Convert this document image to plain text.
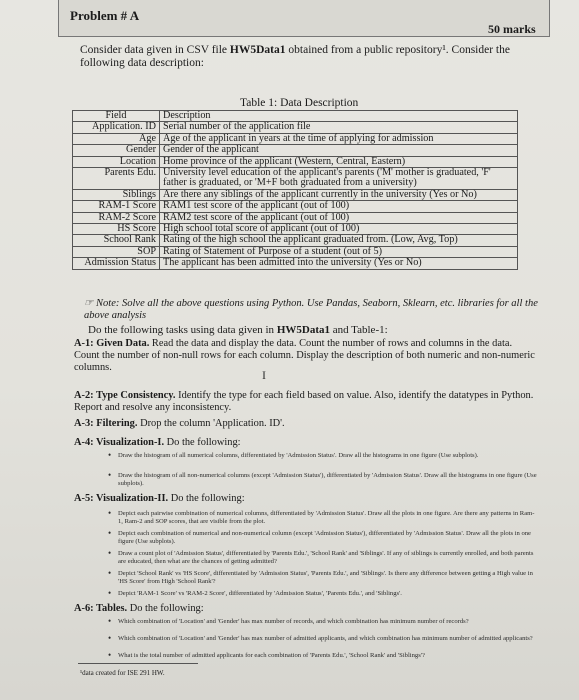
Problem # A
50 marks
Consider data given in CSV file HW5Data1 obtained from a public repository¹. Consider the following data description:
Table 1: Data Description
Field	Description
Application. ID	Serial number of the application file
Age	Age of the applicant in years at the time of applying for admission
Gender	Gender of the applicant
Location	Home province of the applicant (Western, Central, Eastern)
Parents Edu.	University level education of the applicant's parents ('M' mother is graduated, 'F' father is graduated, or 'M+F both graduated from a university)
Siblings	Are there any siblings of the applicant currently in the university (Yes or No)
RAM-1 Score	RAM1 test score of the applicant (out of 100)
RAM-2 Score	RAM2 test score of the applicant (out of 100)
HS Score	High school total score of applicant (out of 100)
School Rank	Rating of the high school the applicant graduated from. (Low, Avg, Top)
SOP	Rating of Statement of Purpose of a student (out of 5)
Admission Status	The applicant has been admitted into the university (Yes or No)
☞ Note: Solve all the above questions using Python. Use Pandas, Seaborn, Sklearn, etc. libraries for all the above analysis
Do the following tasks using data given in HW5Data1 and Table-1:
A-1: Given Data. Read the data and display the data. Count the number of rows and columns in the data. Count the number of non-null rows for each column. Display the description of both numeric and non-numeric columns.
I
A-2: Type Consistency. Identify the type for each field based on value. Also, identify the datatypes in Python. Report and resolve any inconsistency.
A-3: Filtering. Drop the column 'Application. ID'.
A-4: Visualization-I. Do the following:
• Draw the histogram of all numerical columns, differentiated by 'Admission Status'. Draw all the histograms in one figure (Use subplots).
• Draw the histogram of all non-numerical columns (except 'Admission Status'), differentiated by 'Admission Status'. Draw all the histograms in one figure (Use subplots).
A-5: Visualization-II. Do the following:
• Depict each pairwise combination of numerical columns, differentiated by 'Admission Status'. Draw all the plots in one figure. Are there any patterns in Ram-1, Ram-2 and SOP scores, that are visible from the plot.
• Depict each combination of numerical and non-numerical column (except 'Admission Status'), differentiated by 'Admission Status'. Draw all the plots in one figure (Use subplots).
• Draw a count plot of 'Admission Status', differentiated by 'Parents Edu.', 'School Rank' and 'Siblings'. If any of siblings is currently enrolled, and both parents are educated, then what are the chances of getting admitted?
• Depict 'School Rank' vs 'HS Score', differentiated by 'Admission Status', 'Parents Edu.', and 'Siblings'. Is there any difference between getting a High value in 'HS Score' from High 'School Rank'?
• Depict 'RAM-1 Score' vs 'RAM-2 Score', differentiated by 'Admission Status', 'Parents Edu.', and 'Siblings'.
A-6: Tables. Do the following:
• Which combination of 'Location' and 'Gender' has max number of records, and which combination has minimum number of records?
• Which combination of 'Location' and 'Gender' has max number of admitted applicants, and which combination has minimum number of admitted applicants?
• What is the total number of admitted applicants for each combination of 'Parents Edu.', 'School Rank' and 'Siblings'?
¹data created for ISE 291 HW.
